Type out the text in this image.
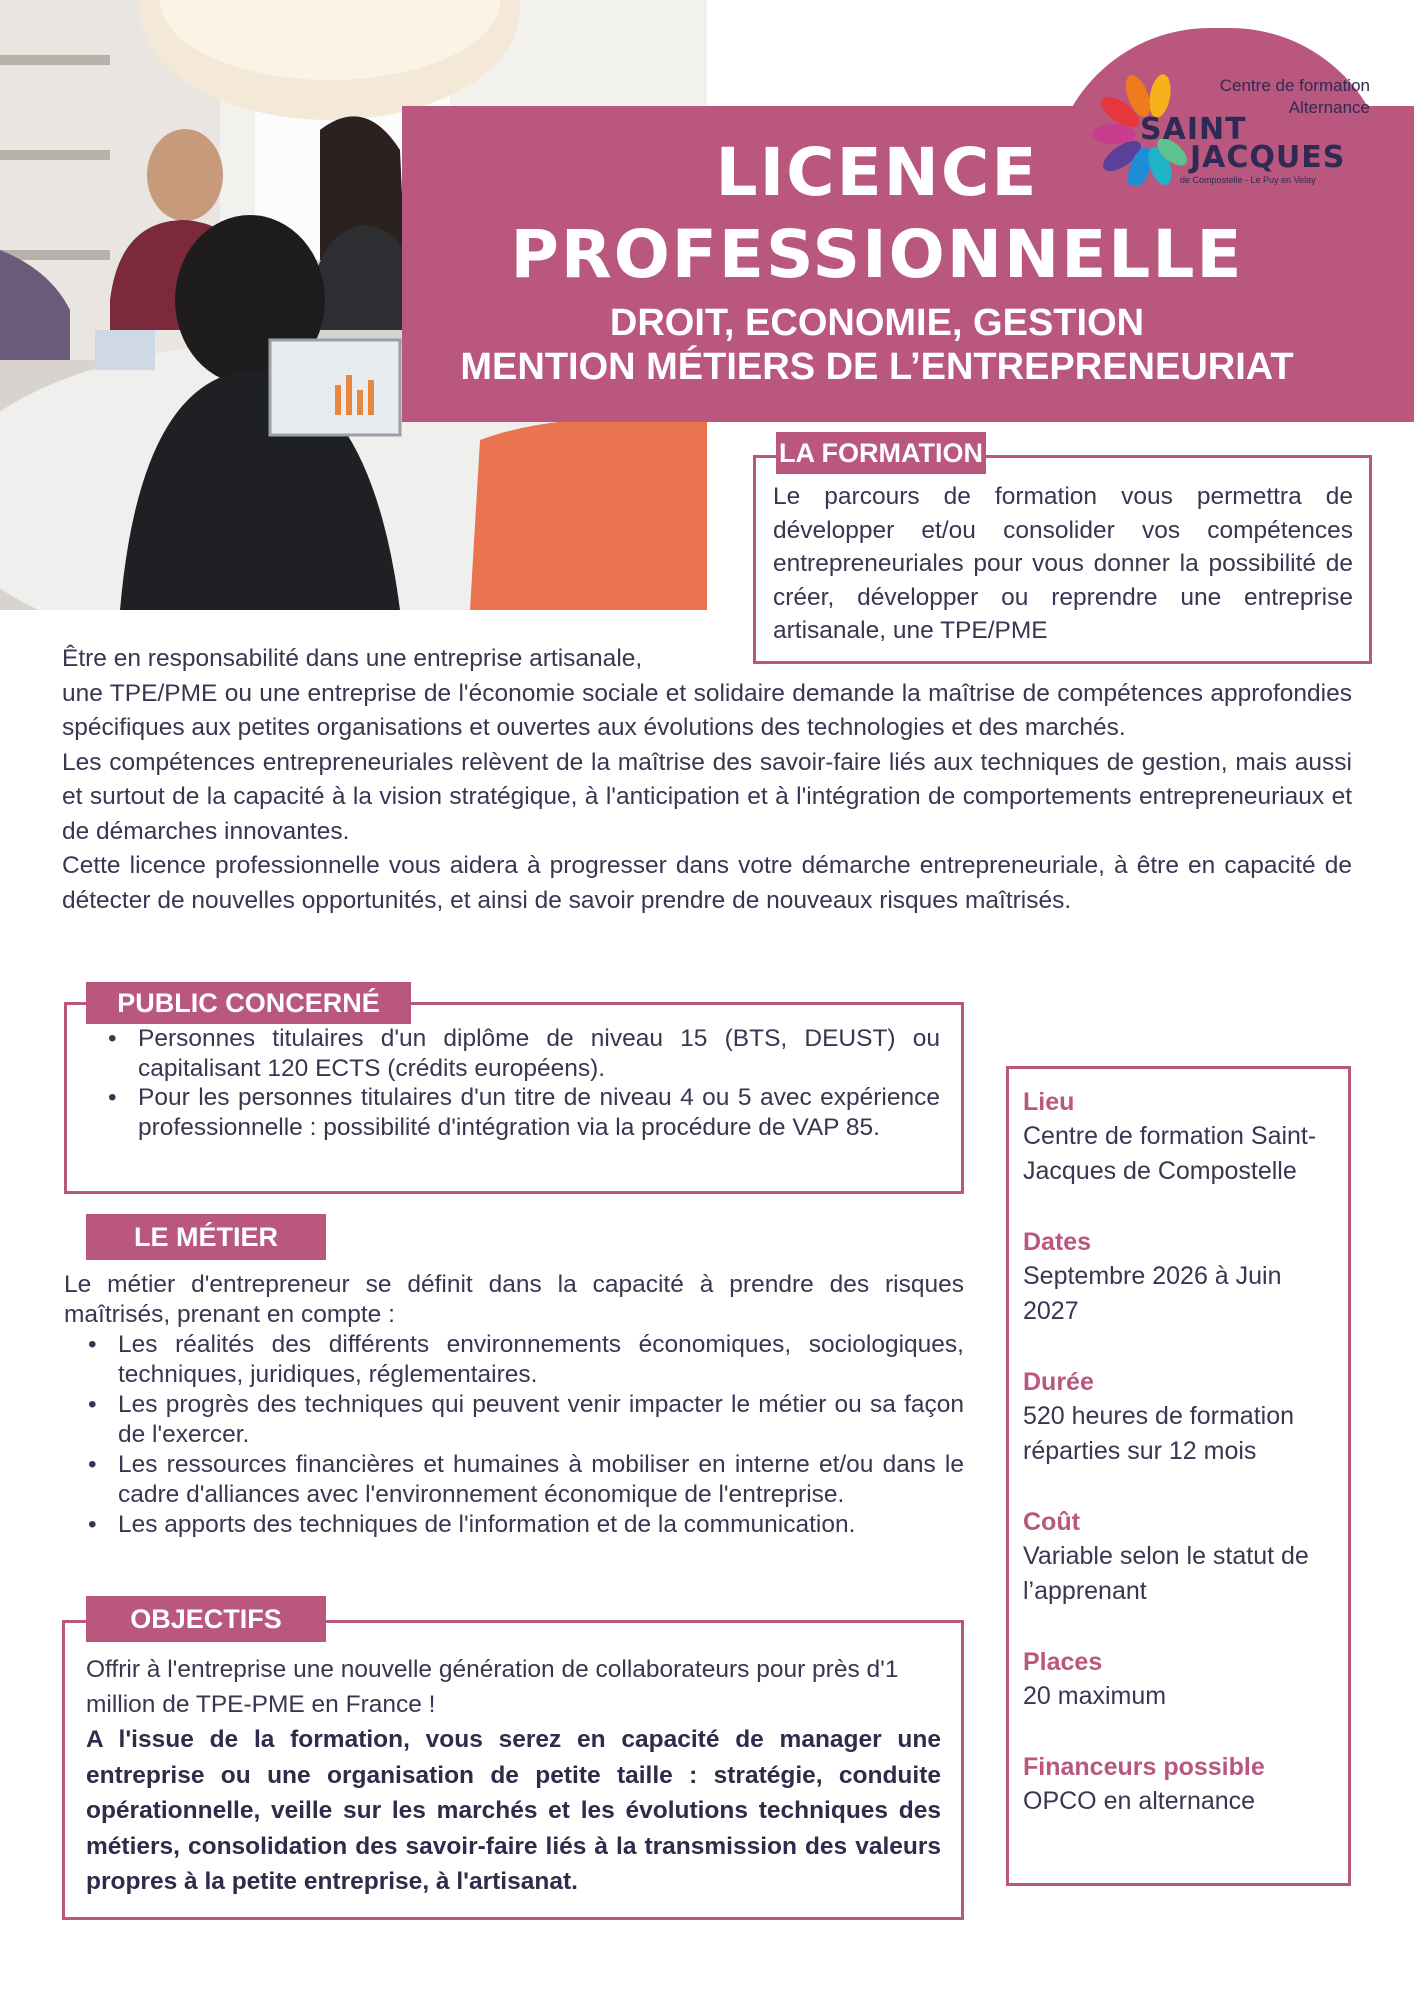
LICENCE
PROFESSIONNELLE
DROIT, ECONOMIE, GESTION
MENTION MÉTIERS DE L’ENTREPRENEURIAT
Centre de formation
Alternance
SAINT
JACQUES
de Compostelle - Le Puy en Velay
LA FORMATION
Le parcours de formation vous permettra de développer et/ou consolider vos compétences entrepreneuriales pour vous donner la possibilité de créer, développer ou reprendre une entreprise artisanale, une TPE/PME

Être en responsabilité dans une entreprise artisanale,

une TPE/PME ou une entreprise de l'économie sociale et solidaire demande la maîtrise de compétences approfondies spécifiques aux petites organisations et ouvertes aux évolutions des technologies et des marchés.

Les compétences entrepreneuriales relèvent de la maîtrise des savoir-faire liés aux techniques de gestion, mais aussi et surtout de la capacité à la vision stratégique, à l'anticipation et à l'intégration de comportements entrepreneuriaux et de démarches innovantes.

Cette licence professionnelle vous aidera à progresser dans votre démarche entrepreneuriale, à être en capacité de détecter de nouvelles opportunités, et ainsi de savoir prendre de nouveaux risques maîtrisés.

PUBLIC CONCERNÉ
• Personnes titulaires d'un diplôme de niveau 15 (BTS, DEUST) ou capitalisant 120 ECTS (crédits européens).
• Pour les personnes titulaires d'un titre de niveau 4 ou 5 avec expérience professionnelle : possibilité d'intégration via la procédure de VAP 85.
LE MÉTIER
Le métier d'entrepreneur se définit dans la capacité à prendre des risques maîtrisés, prenant en compte :
• Les réalités des différents environnements économiques, sociologiques, techniques, juridiques, réglementaires.
• Les progrès des techniques qui peuvent venir impacter le métier ou sa façon de l'exercer.
• Les ressources financières et humaines à mobiliser en interne et/ou dans le cadre d'alliances avec l'environnement économique de l'entreprise.
• Les apports des techniques de l'information et de la communication.
OBJECTIFS
Offrir à l'entreprise une nouvelle génération de collaborateurs pour près d'1 million de TPE-PME en France !
A l'issue de la formation, vous serez en capacité de manager une entreprise ou une organisation de petite taille : stratégie, conduite opérationnelle, veille sur les marchés et les évolutions techniques des métiers, consolidation des savoir-faire liés à la transmission des valeurs propres à la petite entreprise, à l'artisanat.
Lieu
Centre de formation Saint-Jacques de Compostelle
Dates
Septembre 2026 à Juin 2027
Durée
520 heures de formation réparties sur 12 mois
Coût
Variable selon le statut de l’apprenant
Places
20 maximum
Financeurs possible
OPCO en alternance
